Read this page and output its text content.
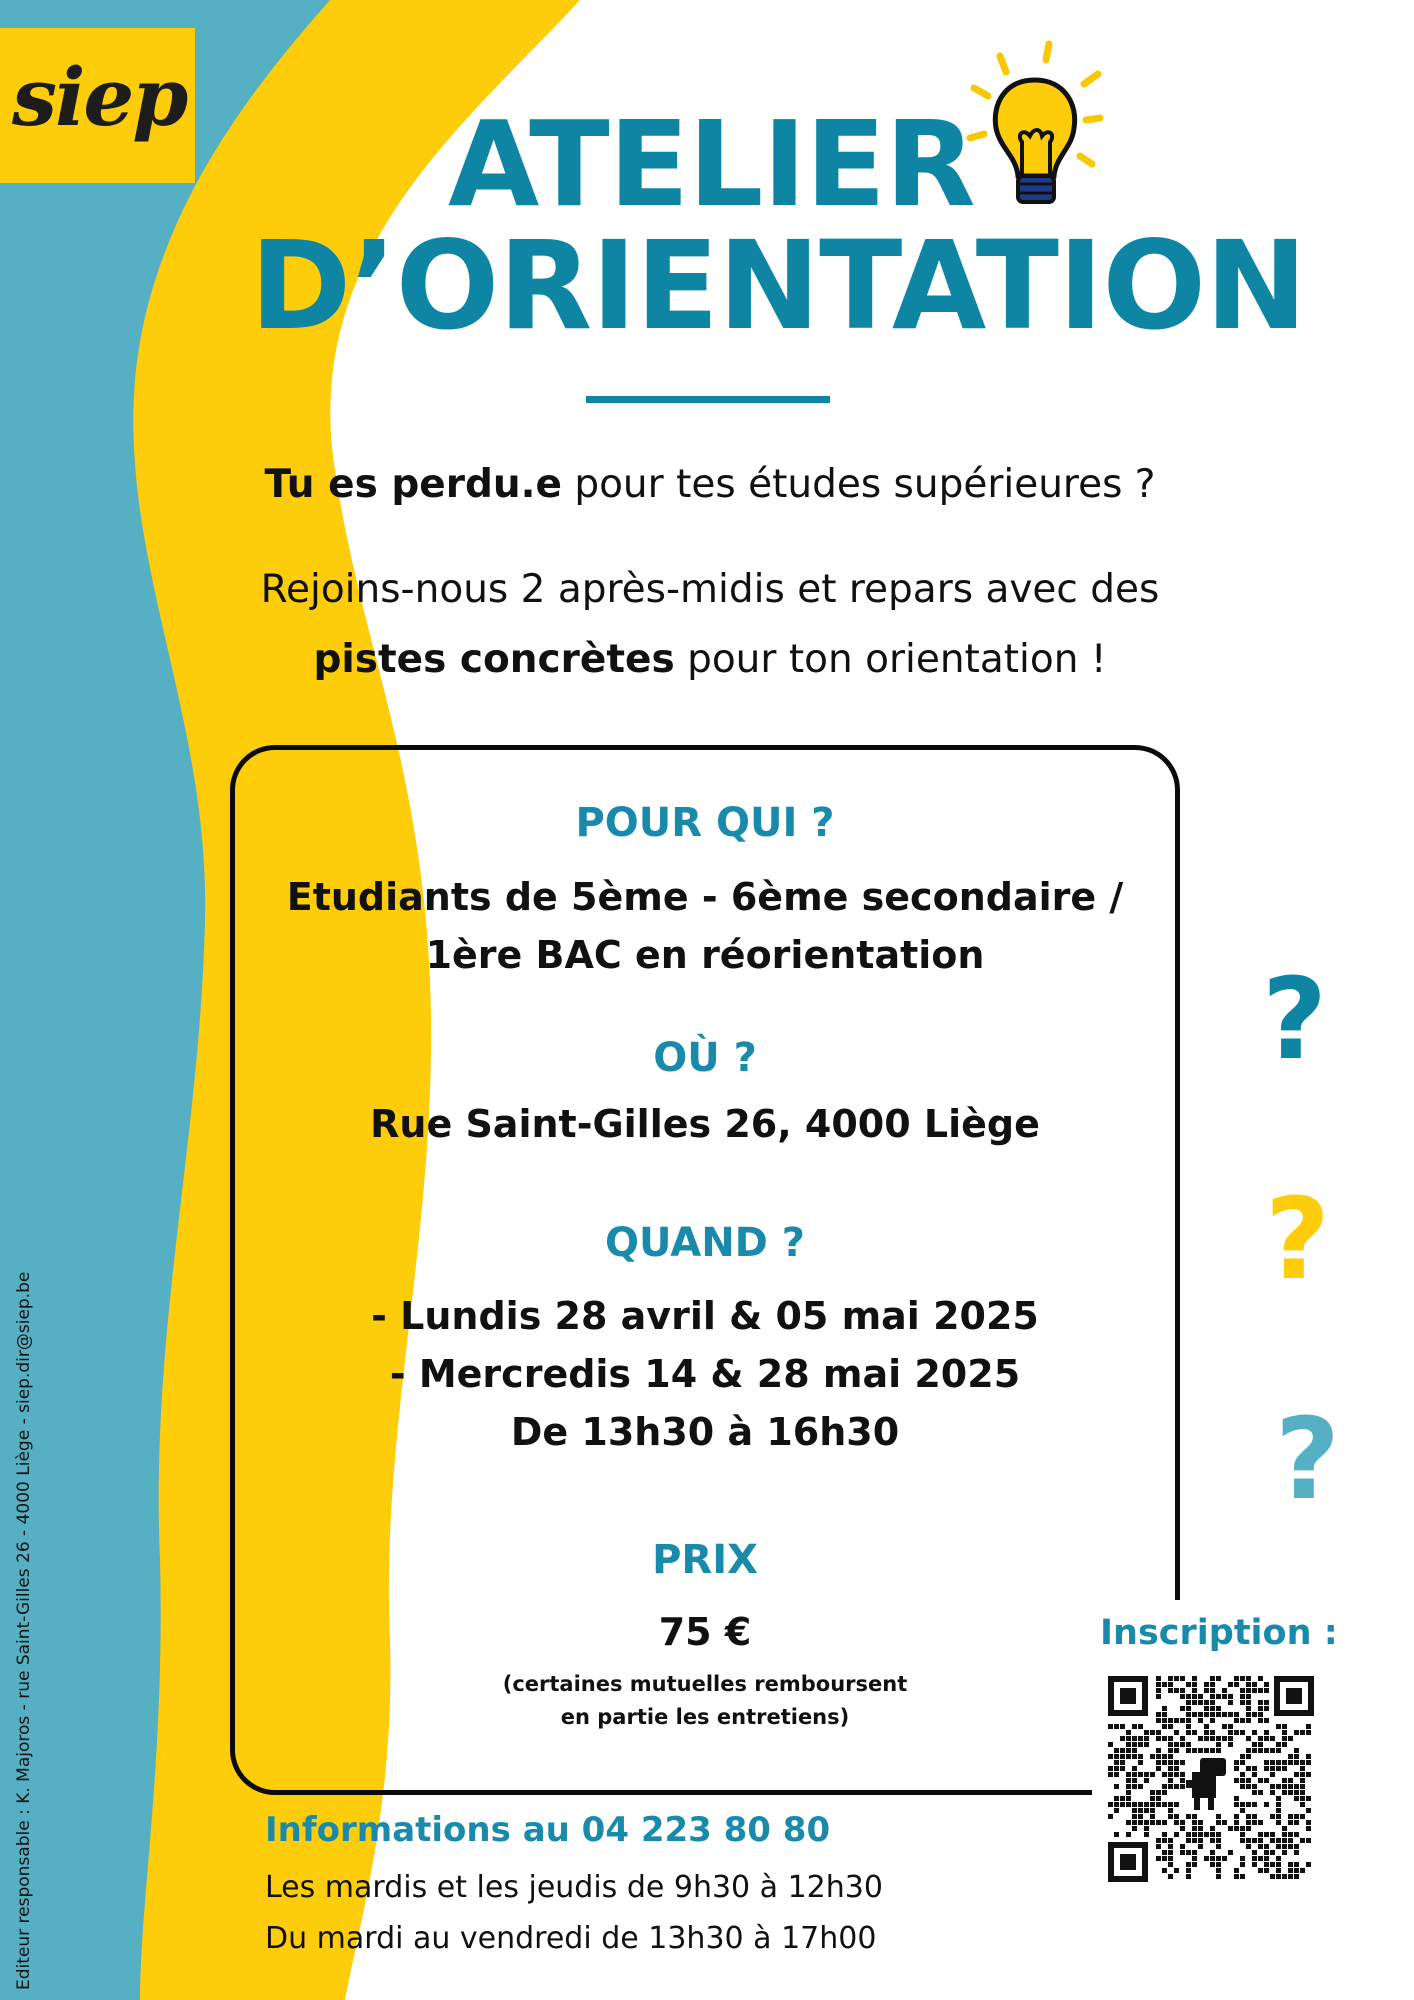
siep ATELIER
D’ORIENTATION
Tu es perdu.e pour tes études supérieures ?
Rejoins-nous 2 après-midis et repars avec des
pistes concrètes pour ton orientation !
POUR QUI ?
Etudiants de 5ème - 6ème secondaire /
1ère BAC en réorientation
OÙ ?
Rue Saint-Gilles 26, 4000 Liège
QUAND ?
- Lundis 28 avril & 05 mai 2025
- Mercredis 14 & 28 mai 2025
De 13h30 à 16h30
PRIX
75 €
(certaines mutuelles remboursent
en partie les entretiens)
?
?
?
Inscription :
Informations au 04 223 80 80
Les mardis et les jeudis de 9h30 à 12h30
Du mardi au vendredi de 13h30 à 17h00
Editeur responsable : K. Majoros - rue Saint-Gilles 26 - 4000 Liège - siep.dir@siep.be
